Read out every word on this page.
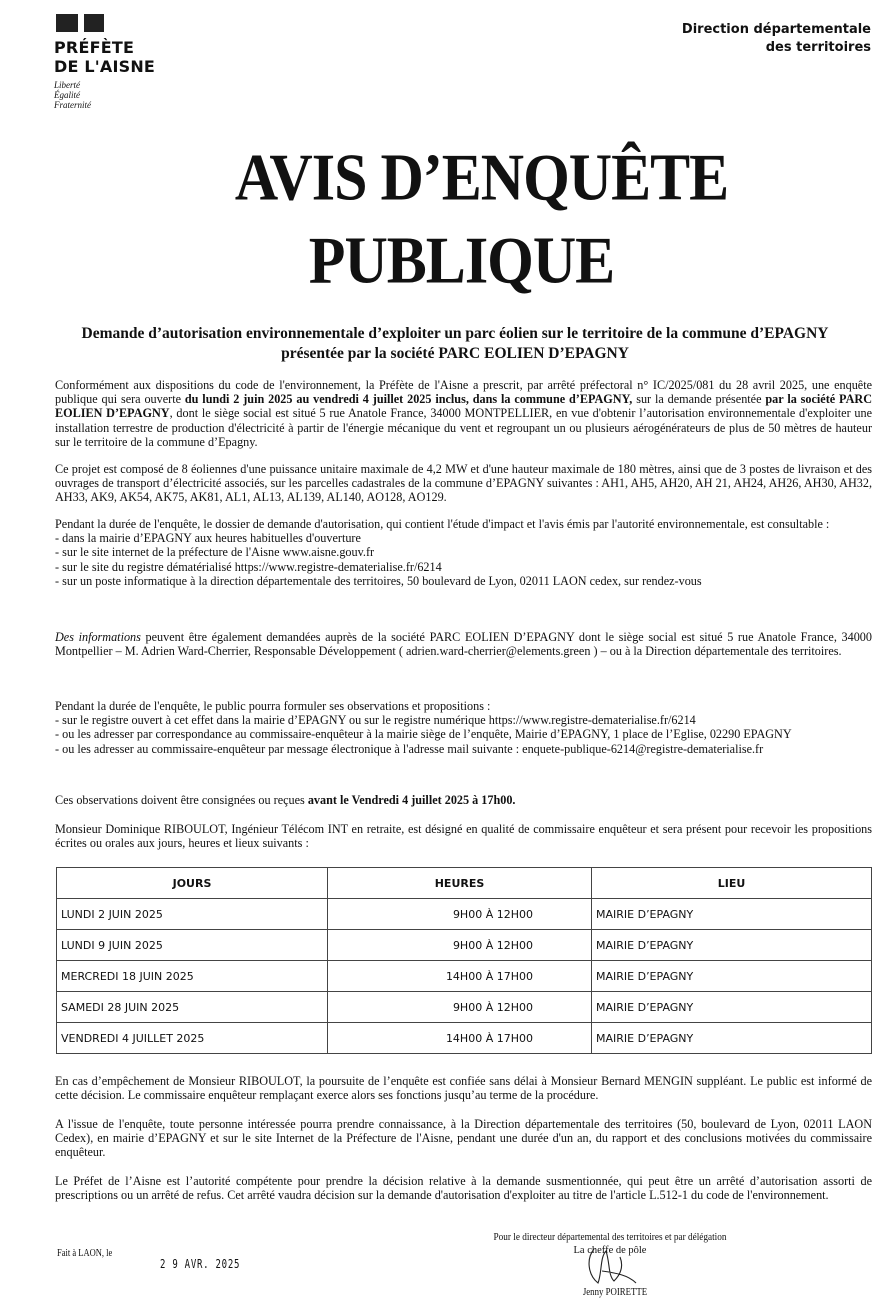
PRÉFÈTE
DE L'AISNE
Liberté
Égalité
Fraternité
Direction départementale
des territoires
AVIS D’ENQUÊTE
PUBLIQUE
Demande d’autorisation environnementale d’exploiter un parc éolien sur le territoire de la commune d’EPAGNY présentée par la société PARC EOLIEN D’EPAGNY

Conformément aux dispositions du code de l'environnement, la Préfète de l'Aisne a prescrit, par arrêté préfectoral n° IC/2025/081 du 28 avril 2025, une enquête publique qui sera ouverte du lundi 2 juin 2025 au vendredi 4 juillet 2025 inclus, dans la commune d’EPAGNY, sur la demande présentée par la société PARC EOLIEN D’EPAGNY, dont le siège social est situé 5 rue Anatole France, 34000 MONTPELLIER, en vue d'obtenir l’autorisation environnementale d'exploiter une installation terrestre de production d'électricité à partir de l'énergie mécanique du vent et regroupant un ou plusieurs aérogénérateurs de plus de 50 mètres de hauteur sur le territoire de la commune d’Epagny.

Ce projet est composé de 8 éoliennes d'une puissance unitaire maximale de 4,2 MW et d'une hauteur maximale de 180 mètres, ainsi que de 3 postes de livraison et des ouvrages de transport d’électricité associés, sur les parcelles cadastrales de la commune d’EPAGNY suivantes : AH1, AH5, AH20, AH 21, AH24, AH26, AH30, AH32, AH33, AK9, AK54, AK75, AK81, AL1, AL13, AL139, AL140, AO128, AO129.

Pendant la durée de l'enquête, le dossier de demande d'autorisation, qui contient l'étude d'impact et l'avis émis par l'autorité environnementale, est consultable :

- dans la mairie d’EPAGNY aux heures habituelles d'ouverture

- sur le site internet de la préfecture de l'Aisne www.aisne.gouv.fr

- sur le site du registre dématérialisé https://www.registre-dematerialise.fr/6214

- sur un poste informatique à la direction départementale des territoires, 50 boulevard de Lyon, 02011 LAON cedex, sur rendez-vous

Des informations peuvent être également demandées auprès de la société PARC EOLIEN D’EPAGNY dont le siège social est situé 5 rue Anatole France, 34000 Montpellier – M. Adrien Ward-Cherrier, Responsable Développement ( adrien.ward-cherrier@elements.green ) – ou à la Direction départementale des territoires.

Pendant la durée de l'enquête, le public pourra formuler ses observations et propositions :

- sur le registre ouvert à cet effet dans la mairie d’EPAGNY ou sur le registre numérique https://www.registre-dematerialise.fr/6214

- ou les adresser par correspondance au commissaire-enquêteur à la mairie siège de l’enquête, Mairie d’EPAGNY, 1 place de l’Eglise, 02290 EPAGNY

- ou les adresser au commissaire-enquêteur par message électronique à l'adresse mail suivante : enquete-publique-6214@registre-dematerialise.fr

Ces observations doivent être consignées ou reçues avant le Vendredi 4 juillet 2025 à 17h00.

Monsieur Dominique RIBOULOT, Ingénieur Télécom INT en retraite, est désigné en qualité de commissaire enquêteur et sera présent pour recevoir les propositions écrites ou orales aux jours, heures et lieux suivants :

JOURS	HEURES	LIEU
LUNDI 2 JUIN 2025	9H00 À 12H00	MAIRIE D’EPAGNY
LUNDI 9 JUIN 2025	9H00 À 12H00	MAIRIE D’EPAGNY
MERCREDI 18 JUIN 2025	14H00 À 17H00	MAIRIE D’EPAGNY
SAMEDI 28 JUIN 2025	9H00 À 12H00	MAIRIE D’EPAGNY
VENDREDI 4 JUILLET 2025	14H00 À 17H00	MAIRIE D’EPAGNY

En cas d’empêchement de Monsieur RIBOULOT, la poursuite de l’enquête est confiée sans délai à Monsieur Bernard MENGIN suppléant. Le public est informé de cette décision. Le commissaire enquêteur remplaçant exerce alors ses fonctions jusqu’au terme de la procédure.

A l'issue de l'enquête, toute personne intéressée pourra prendre connaissance, à la Direction départementale des territoires (50, boulevard de Lyon, 02011 LAON Cedex), en mairie d’EPAGNY et sur le site Internet de la Préfecture de l'Aisne, pendant une durée d'un an, du rapport et des conclusions motivées du commissaire enquêteur.

Le Préfet de l’Aisne est l’autorité compétente pour prendre la décision relative à la demande susmentionnée, qui peut être un arrêté d’autorisation assorti de prescriptions ou un arrêté de refus. Cet arrêté vaudra décision sur la demande d'autorisation d'exploiter au titre de l'article L.512-1 du code de l'environnement.

Fait à LAON, le
2 9 AVR. 2025
Pour le directeur départemental des territoires et par délégation
La cheffe de pôle
Jenny POIRETTE
